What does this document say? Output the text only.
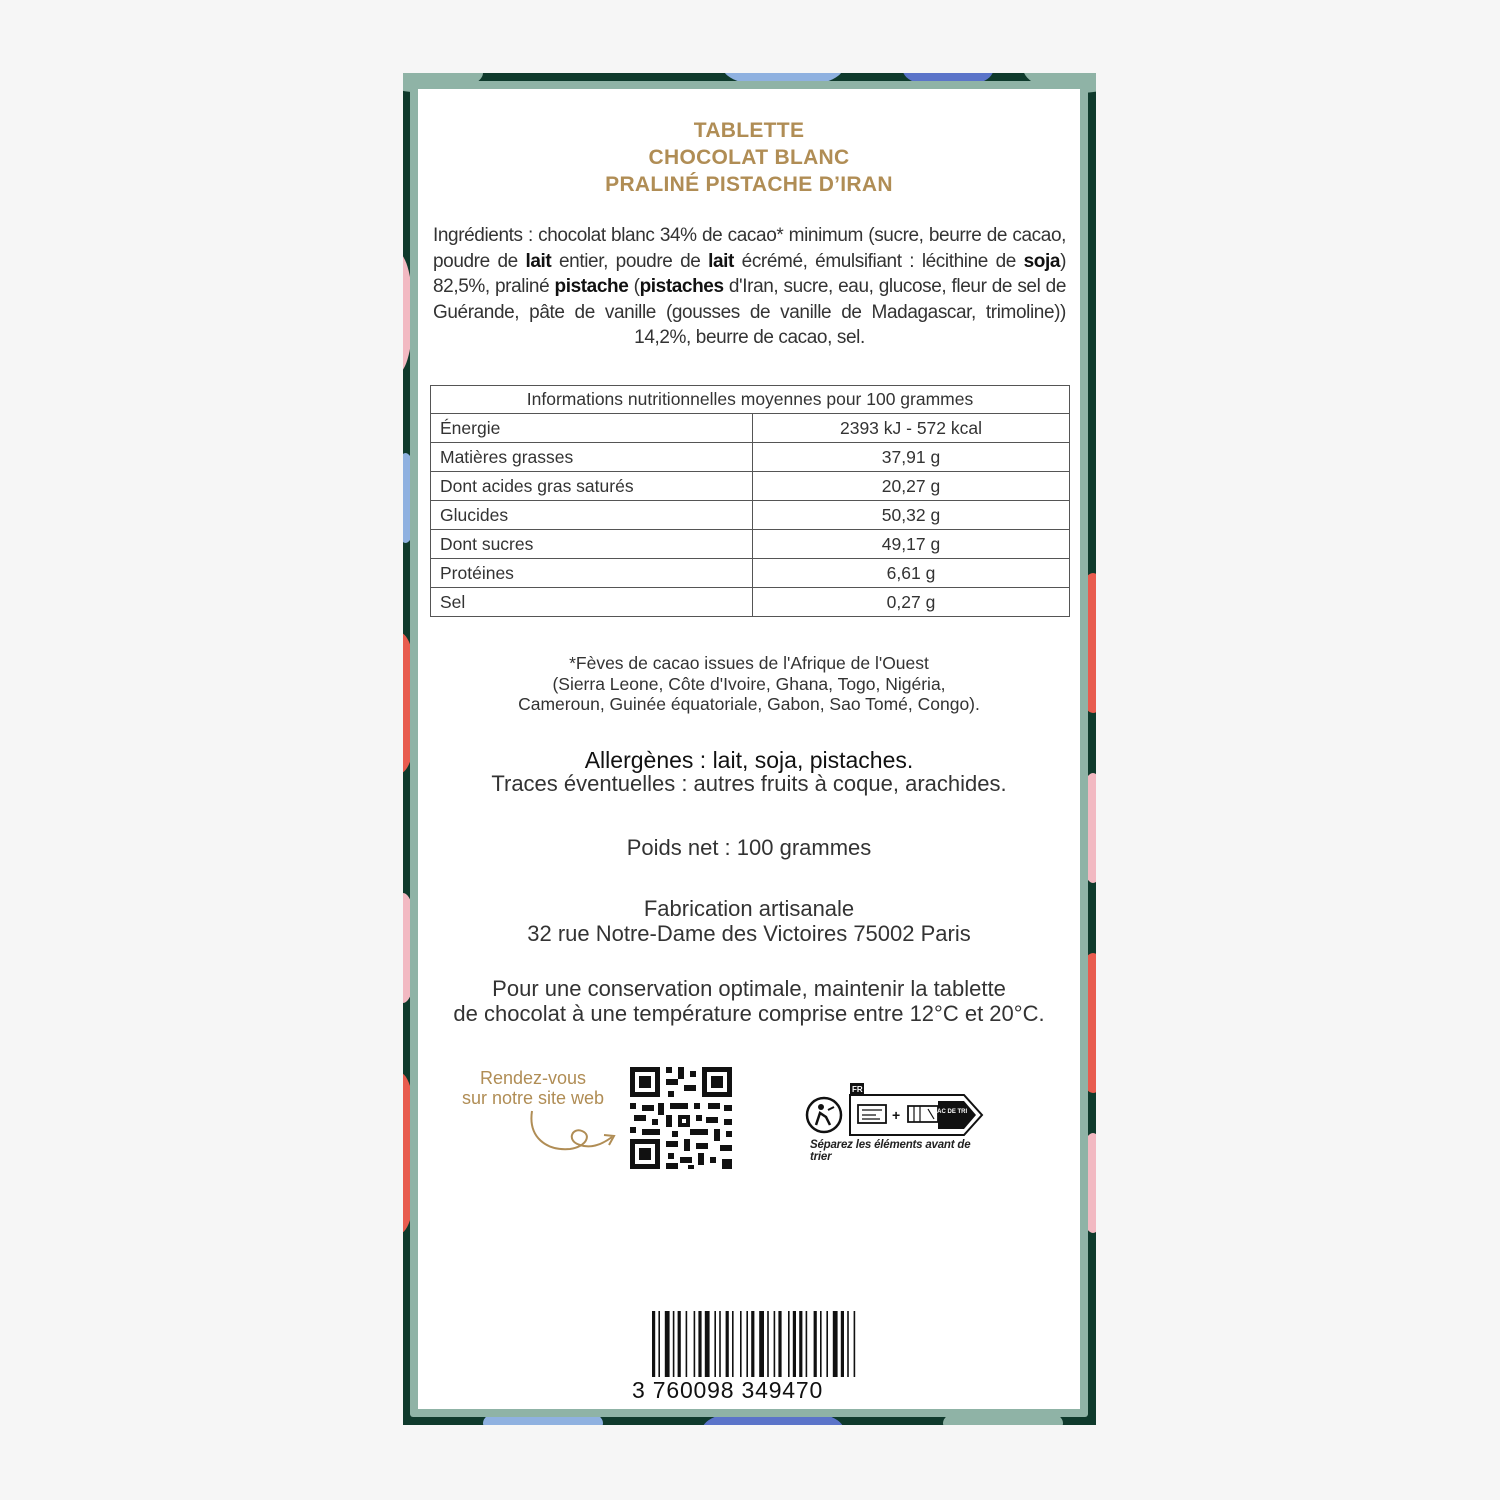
TABLETTE
CHOCOLAT BLANC
PRALINÉ PISTACHE D’IRAN
Ingrédients : chocolat blanc 34% de cacao* minimum (sucre, beurre de cacao, poudre de lait entier, poudre de lait écrémé, émulsifiant : lécithine de soja) 82,5%, praliné pistache (pistaches d'Iran, sucre, eau, glucose, fleur de sel de Guérande, pâte de vanille (gousses de vanille de Madagascar, trimoline)) 14,2%, beurre de cacao, sel.
Informations nutritionnelles moyennes pour 100 grammes	
Énergie	2393 kJ - 572 kcal
Matières grasses	37,91 g
Dont acides gras saturés	20,27 g
Glucides	50,32 g
Dont sucres	49,17 g
Protéines	6,61 g
Sel	0,27 g
*Fèves de cacao issues de l'Afrique de l'Ouest
(Sierra Leone, Côte d'Ivoire, Ghana, Togo, Nigéria,
Cameroun, Guinée équatoriale, Gabon, Sao Tomé, Congo).
Allergènes : lait, soja, pistaches.
Traces éventuelles : autres fruits à coque, arachides.
Poids net : 100 grammes
Fabrication artisanale
32 rue Notre-Dame des Victoires 75002 Paris
Pour une conservation optimale, maintenir la tablette
de chocolat à une température comprise entre 12°C et 20°C.
Rendez-vous
sur notre site web	FR
+	BAC DE TRI
Séparez les éléments avant de trier
3 760098 349470
